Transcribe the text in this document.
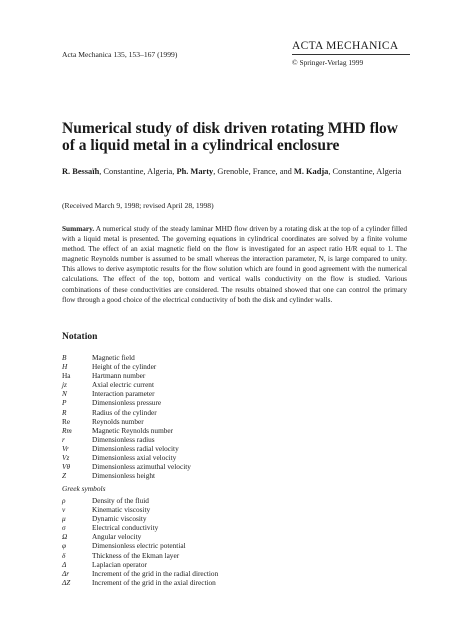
Acta Mechanica 135, 153–167 (1999)
ACTA MECHANICA
© Springer-Verlag 1999
Numerical study of disk driven rotating MHD flow of a liquid metal in a cylindrical enclosure
R. Bessaïh, Constantine, Algeria, Ph. Marty, Grenoble, France, and M. Kadja, Constantine, Algeria
(Received March 9, 1998; revised April 28, 1998)
Summary. A numerical study of the steady laminar MHD flow driven by a rotating disk at the top of a cylinder filled with a liquid metal is presented. The governing equations in cylindrical coordinates are solved by a finite volume method. The effect of an axial magnetic field on the flow is investigated for an aspect ratio H/R equal to 1. The magnetic Reynolds number is assumed to be small whereas the interaction parameter, N, is large compared to unity. This allows to derive asymptotic results for the flow solution which are found in good agreement with the numerical calculations. The effect of the top, bottom and vertical walls conductivity on the flow is studied. Various combinations of these conductivities are considered. The results obtained showed that one can control the primary flow through a good choice of the electrical conductivity of both the disk and cylinder walls.
Notation
B	Magnetic field
H	Height of the cylinder
Ha	Hartmann number
jz	Axial electric current
N	Interaction parameter
P	Dimensionless pressure
R	Radius of the cylinder
Re	Reynolds number
Rm	Magnetic Reynolds number
r	Dimensionless radius
Vr	Dimensionless radial velocity
Vz	Dimensionless axial velocity
Vθ	Dimensionless azimuthal velocity
Z	Dimensionless height
Greek symbols
ρ	Density of the fluid
ν	Kinematic viscosity
μ	Dynamic viscosity
σ	Electrical conductivity
Ω	Angular velocity
φ	Dimensionless electric potential
δ	Thickness of the Ekman layer
Δ	Laplacian operator
Δr	Increment of the grid in the radial direction
ΔZ	Increment of the grid in the axial direction
